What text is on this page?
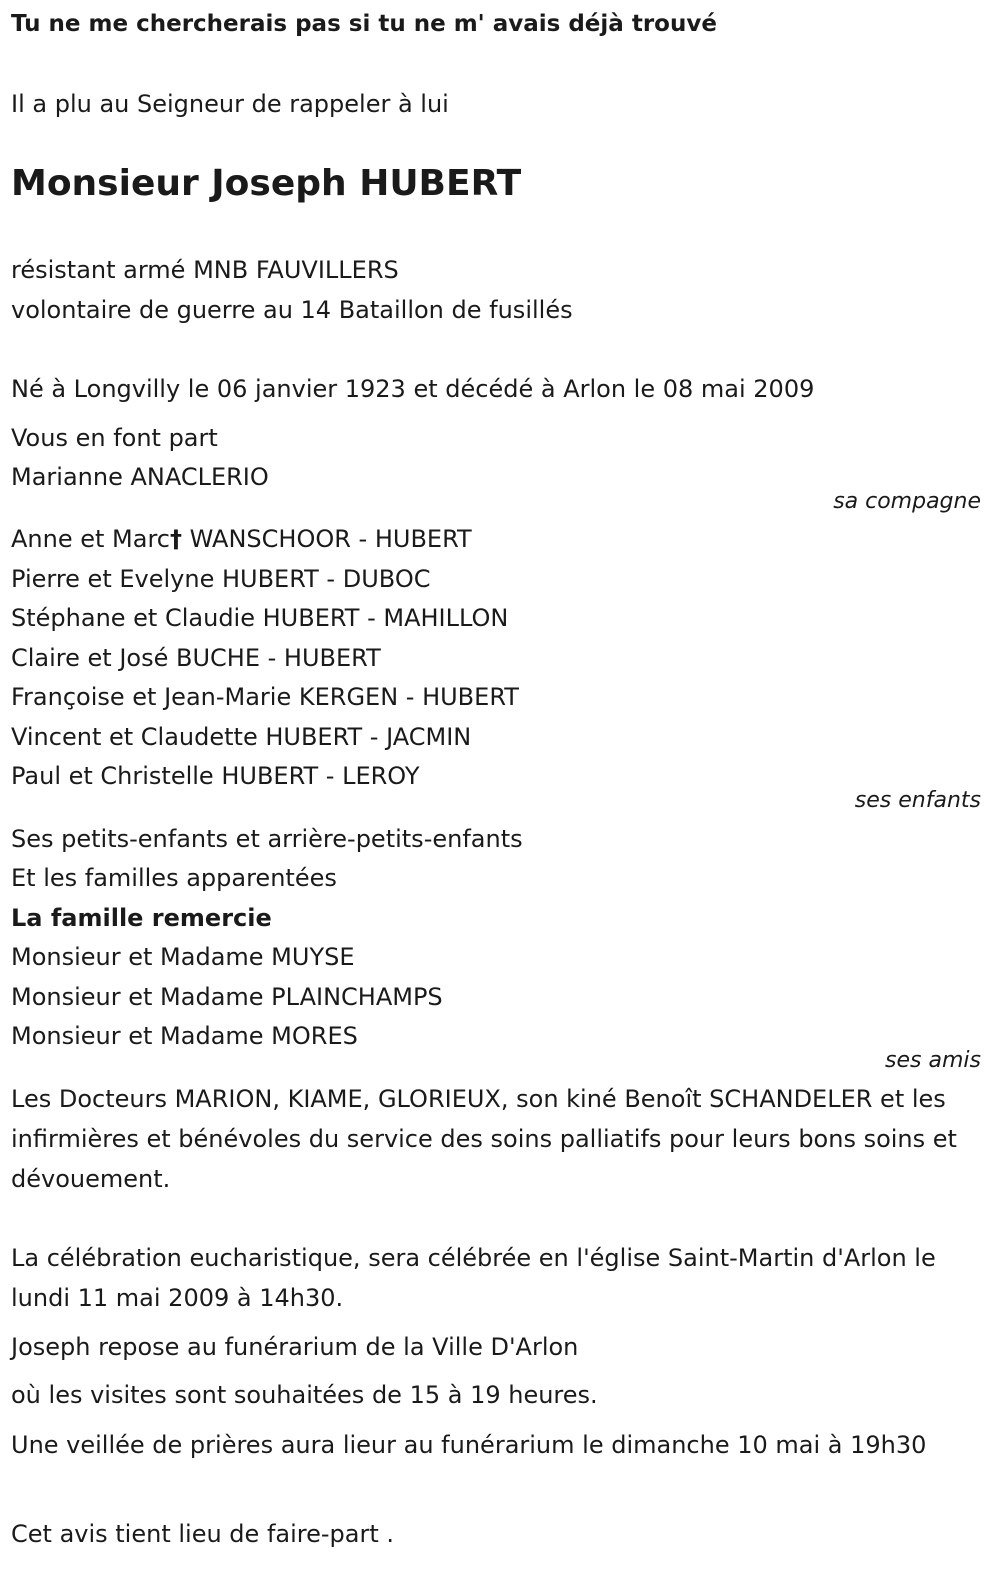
Tu ne me chercherais pas si tu ne m' avais déjà trouvé
Il a plu au Seigneur de rappeler à lui
Monsieur Joseph HUBERT
résistant armé MNB FAUVILLERS
volontaire de guerre au 14 Bataillon de fusillés
Né à Longvilly le 06 janvier 1923 et décédé à Arlon le 08 mai 2009
Vous en font part
Marianne ANACLERIO
sa compagne
Anne et Marc† WANSCHOOR - HUBERT
Pierre et Evelyne HUBERT - DUBOC
Stéphane et Claudie HUBERT - MAHILLON
Claire et José BUCHE - HUBERT
Françoise et Jean-Marie KERGEN - HUBERT
Vincent et Claudette HUBERT - JACMIN
Paul et Christelle HUBERT - LEROY
ses enfants
Ses petits-enfants et arrière-petits-enfants
Et les familles apparentées
La famille remercie
Monsieur et Madame MUYSE
Monsieur et Madame PLAINCHAMPS
Monsieur et Madame MORES
ses amis
Les Docteurs MARION, KIAME, GLORIEUX, son kiné Benoît SCHANDELER et les infirmières et bénévoles du service des soins palliatifs pour leurs bons soins et dévouement.
La célébration eucharistique, sera célébrée en l'église Saint-Martin d'Arlon le lundi 11 mai 2009 à 14h30.
Joseph repose au funérarium de la Ville D'Arlon
où les visites sont souhaitées de 15 à 19 heures.
Une veillée de prières aura lieur au funérarium le dimanche 10 mai à 19h30
Cet avis tient lieu de faire-part .
